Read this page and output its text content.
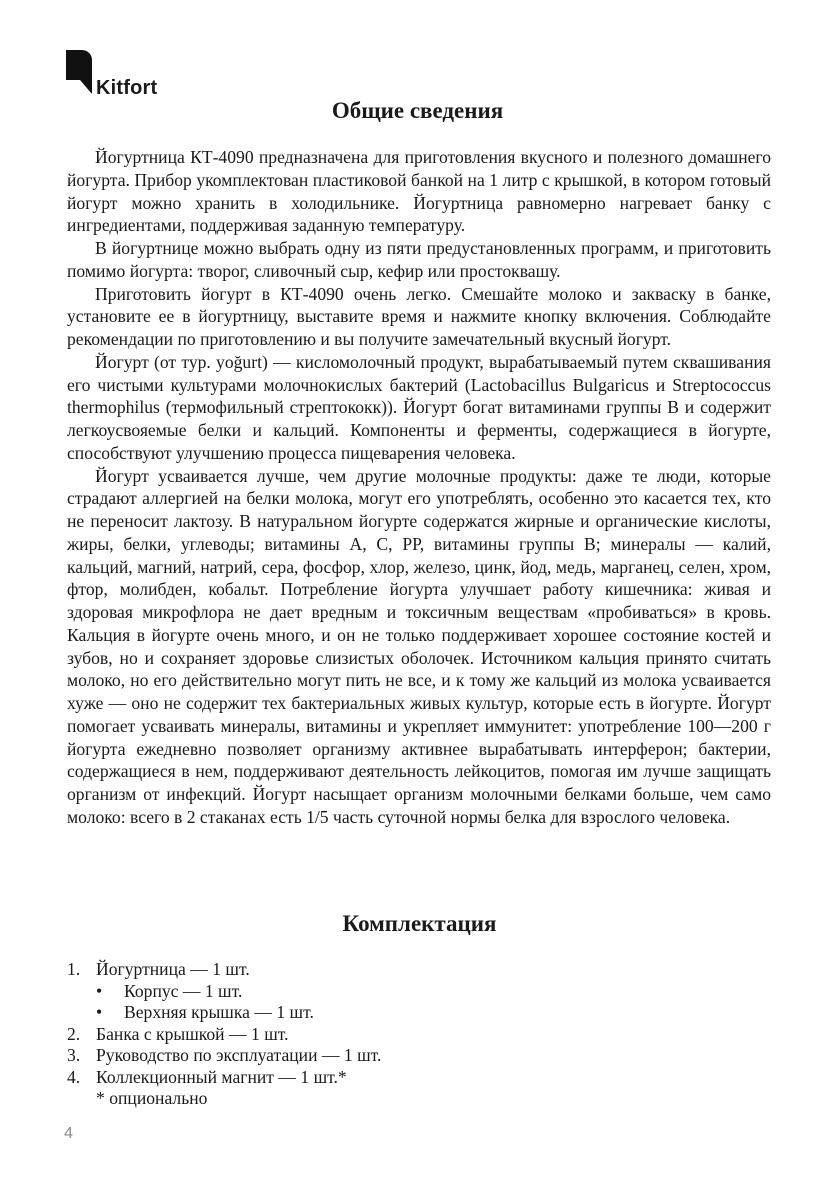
Kitfort
Общие сведения

Йогуртница КТ-4090 предназначена для приготовления вкусного и полезного домашнего йогурта. Прибор укомплектован пластиковой банкой на 1 литр с крышкой, в котором готовый йогурт можно хранить в холодильнике. Йогуртница равномерно нагревает банку с ингредиентами, поддерживая заданную температуру.

В йогуртнице можно выбрать одну из пяти предустановленных программ, и приготовить помимо йогурта: творог, сливочный сыр, кефир или простоквашу.

Приготовить йогурт в КТ-4090 очень легко. Смешайте молоко и закваску в банке, установите ее в йогуртницу, выставите время и нажмите кнопку включения. Соблюдайте рекомендации по приготовлению и вы получите замечательный вкусный йогурт.

Йогурт (от тур. yoğurt) — кисломолочный продукт, вырабатываемый путем сквашивания его чистыми культурами молочнокислых бактерий (Lactobacillus Bulgaricus и Streptococcus thermophilus (термофильный стрептококк)). Йогурт богат витаминами группы В и содержит легкоусвояемые белки и кальций. Компоненты и ферменты, содержащиеся в йогурте, способствуют улучшению процесса пищеварения человека.

Йогурт усваивается лучше, чем другие молочные продукты: даже те люди, которые страдают аллергией на белки молока, могут его употреблять, особенно это касается тех, кто не переносит лактозу. В натуральном йогурте содержатся жирные и органические кислоты, жиры, белки, углеводы; витамины А, С, РР, витамины группы В; минералы — калий, кальций, магний, натрий, сера, фосфор, хлор, железо, цинк, йод, медь, марганец, селен, хром, фтор, молибден, кобальт. Потребление йогурта улучшает работу кишечника: живая и здоровая микрофлора не дает вредным и токсичным веществам «пробиваться» в кровь. Кальция в йогурте очень много, и он не только поддерживает хорошее состояние костей и зубов, но и сохраняет здоровье слизистых оболочек. Источником кальция принято считать молоко, но его действительно могут пить не все, и к тому же кальций из молока усваивается хуже — оно не содержит тех бактериальных живых культур, которые есть в йогурте. Йогурт помогает усваивать минералы, витамины и укрепляет иммунитет: употребление 100—200 г йогурта ежедневно позволяет организму активнее вырабатывать интерферон; бактерии, содержащиеся в нем, поддерживают деятельность лейкоцитов, помогая им лучше защищать организм от инфекций. Йогурт насыщает организм молочными белками больше, чем само молоко: всего в 2 стаканах есть 1/5 часть суточной нормы белка для взрослого человека.

Комплектация
1. Йогуртница — 1 шт.
• Корпус — 1 шт.
• Верхняя крышка — 1 шт.
2. Банка с крышкой — 1 шт.
3. Руководство по эксплуатации — 1 шт.
4. Коллекционный магнит — 1 шт.*
* опционально
4
